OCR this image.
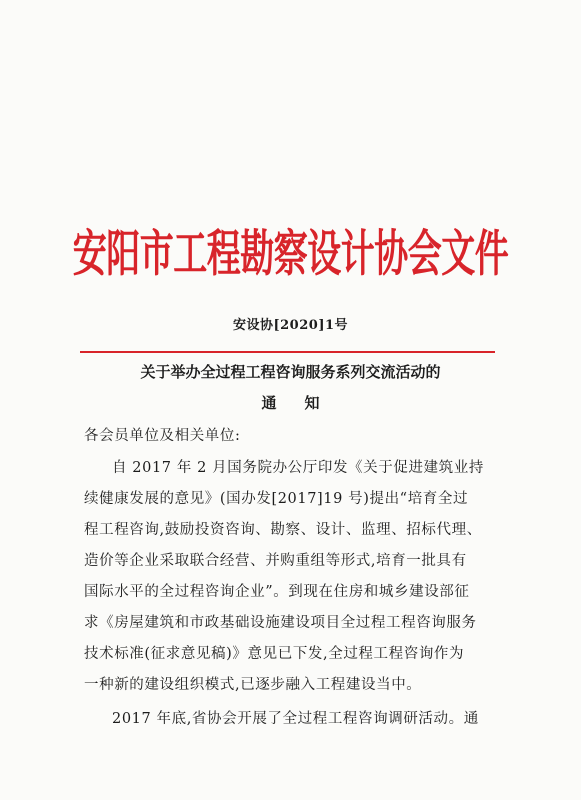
安阳市工程勘察设计协会文件
安设协[2020]1号
关于举办全过程工程咨询服务系列交流活动的
通知
各会员单位及相关单位:
自 2017 年 2 月国务院办公厅印发《关于促进建筑业持
续健康发展的意见》(国办发[2017]19 号)提出“培育全过
程工程咨询,鼓励投资咨询、勘察、设计、监理、招标代理、
造价等企业采取联合经营、并购重组等形式,培育一批具有
国际水平的全过程咨询企业”。到现在住房和城乡建设部征
求《房屋建筑和市政基础设施建设项目全过程工程咨询服务
技术标准(征求意见稿)》意见已下发,全过程工程咨询作为
一种新的建设组织模式,已逐步融入工程建设当中。
2017 年底,省协会开展了全过程工程咨询调研活动。通
